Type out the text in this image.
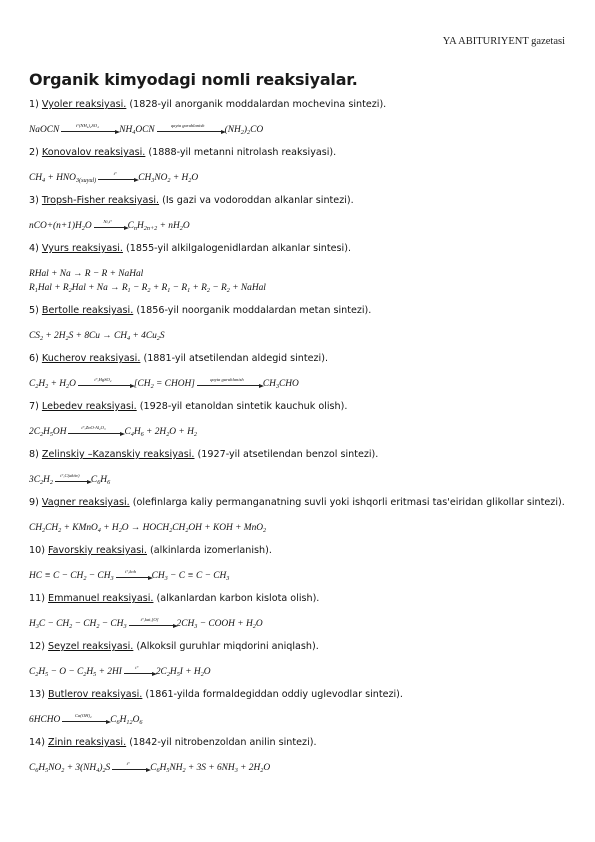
YA ABITURIYENT gazetasi
Organik kimyodagi nomli reaksiyalar.
1) Vyoler reaksiyasi. (1828-yil anorganik moddalardan mochevina sintezi).
NaOCN	t°(NH₄)₂SO₄	$NH_4OCN$	qayta guruhlanish	$(NH_2)_2CO$
2) Konovalov reaksiyasi. (1888-yil metanni nitrolash reaksiyasi).
$CH_4 + HNO_{3(suyul)}$
t°	$CH_3NO_2 + H_2O$
3) Tropsh-Fisher reaksiyasi. (Is gazi va vodoroddan alkanlar sintezi).
$nCO+(n+1)H_2O$	Ni,t°	$C_nH_{2n+2} + nH_2O$
4) Vyurs reaksiyasi. (1855-yil alkilgalogenidlardan alkanlar sintesi).
RHal + Na → R − R + NaHal
$R_1Hal + R_2Hal + Na \to R_1 - R_2 + R_1 - R_1 + R_2 - R_2$ + NaHal
5) Bertolle reaksiyasi. (1856-yil noorganik moddalardan metan sintezi).
$CS_2 + 2H_2S + 8Cu \to CH_4 + 4Cu_2S$
6) Kucherov reaksiyasi. (1881-yil atsetilendan aldegid sintezi).
$C_2H_2 + H_2O$	t°,HgSO₄	[$CH_2$ = CHOH]	qayta guruhlanish	$CH_3CHO$
7) Lebedev reaksiyasi. (1928-yil etanoldan sintetik kauchuk olish).
$2C_2H_5OH$	t°,ZnO·Al₂O₃	$C_4H_6 + 2H_2O + H_2$
8) Zelinskiy –Kazanskiy reaksiyasi. (1927-yil atsetilendan benzol sintezi).
$3C_2H_2$
t°,C(aktiv)	$C_6H_6$
9) Vagner reaksiyasi. (olefinlarga kaliy permanganatning suvli yoki ishqorli eritmasi tas'eiridan glikollar sintezi).
$CH_2CH_2$ + KMnO$_4$ + $H_2O$ → $HOCH_2CH_2OH$ + KOH + MnO$_2$
10) Favorskiy reaksiyasi. (alkinlarda izomerlanish).
HC ≡ $C - CH_2 - CH_3$
t°,koh	$CH_3 - C \equiv C - CH_3$
11) Emmanuel reaksiyasi. (alkanlardan karbon kislota olish).
$H_3C - CH_2 - CH_2 - CH_3$
t°,kat,[O]	$2CH_3$ − COOH + $H_2O$
12) Seyzel reaksiyasi. (Alkoksil guruhlar miqdorini aniqlash).
$C_2H_5 - O - C_2H_5 + 2HI$	t°	$2C_2H_5I + H_2O$
13) Butlerov reaksiyasi. (1861-yilda formaldegiddan oddiy uglevodlar sintezi).
6HCHO	Ca(OH)₂	$C_6H_{12}O_6$
14) Zinin reaksiyasi. (1842-yil nitrobenzoldan anilin sintezi).
$C_6H_5NO_2 + 3(NH_4)_2S$	t°	$C_6H_5NH_2 + 3S + 6NH_3 + 2H_2O$
